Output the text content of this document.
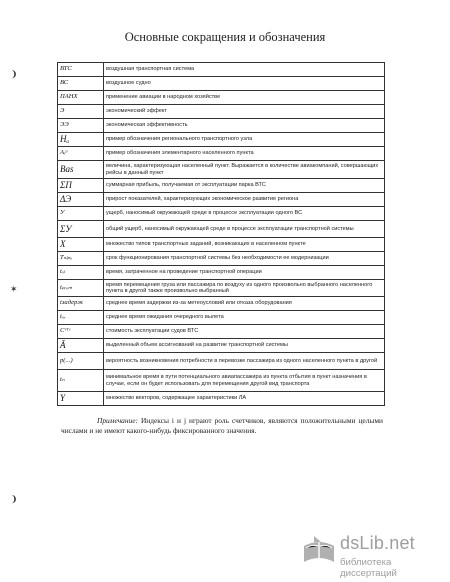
Основные сокращения и обозначения
ВТС	воздушная транспортная система
ВС	воздушное судно
ПАНХ	применение авиации в народном хозяйстве
Э	экономический эффект
ЭЭ	экономическая эффективность
Hₐ	пример обозначения регионального транспортного узла
Aᵢʲᶦ	пример обозначения элементарного населенного пункта
Bas	величина, характеризующая населенный пункт. Выражается в количестве авиакомпаний, совершающих рейсы в данный пункт
ΣП	суммарная прибыль, получаемая от эксплуатации парка ВТС
ΔЭ	прирост показателей, характеризующих экономическое развитие региона
У	ущерб, наносимый окружающей среде в процессе эксплуатации одного ВС
ΣУ	общий ущерб, наносимый окружающей среде в процессе эксплуатации транспортной системы
X	множество типов транспортных заданий, возникающих в населенном пункте
Tₛₗₚₒ	срок функционирования транспортной системы без необходимости ее модернизации
tₒₗ	время, затраченное на проведение транспортной операции
tₚᵣₑₘ	время перемещения груза или пассажира по воздуху из одного произвольно выбранного населенного пункта в другой также произвольно выбранный
tзадерж	среднее время задержки из-за метеоусловий или отказа оборудования
tₒₓ	среднее время ожидания очередного вылета
Cᵛᵀᶜ	стоимость эксплуатации судов ВТС
Ā	выделенный объем ассигнований на развитие транспортной системы
p(...)	вероятность возникновения потребности в перевозке пассажира из одного населенного пункта в другой
tₙ	минимальное время в пути потенциального авиапассажира из пункта отбытия в пункт назначения в случае, если он будет использовать для перемещения другой вид транспорта
Y	множество векторов, содержащее характеристики ЛА
Примечание: Индексы i и j играют роль счетчиков, являются положительными целыми числами и не имеют какого-нибудь фиксированного значения.
❩
✶
❩
dsLib.net
библиотека диссертаций
